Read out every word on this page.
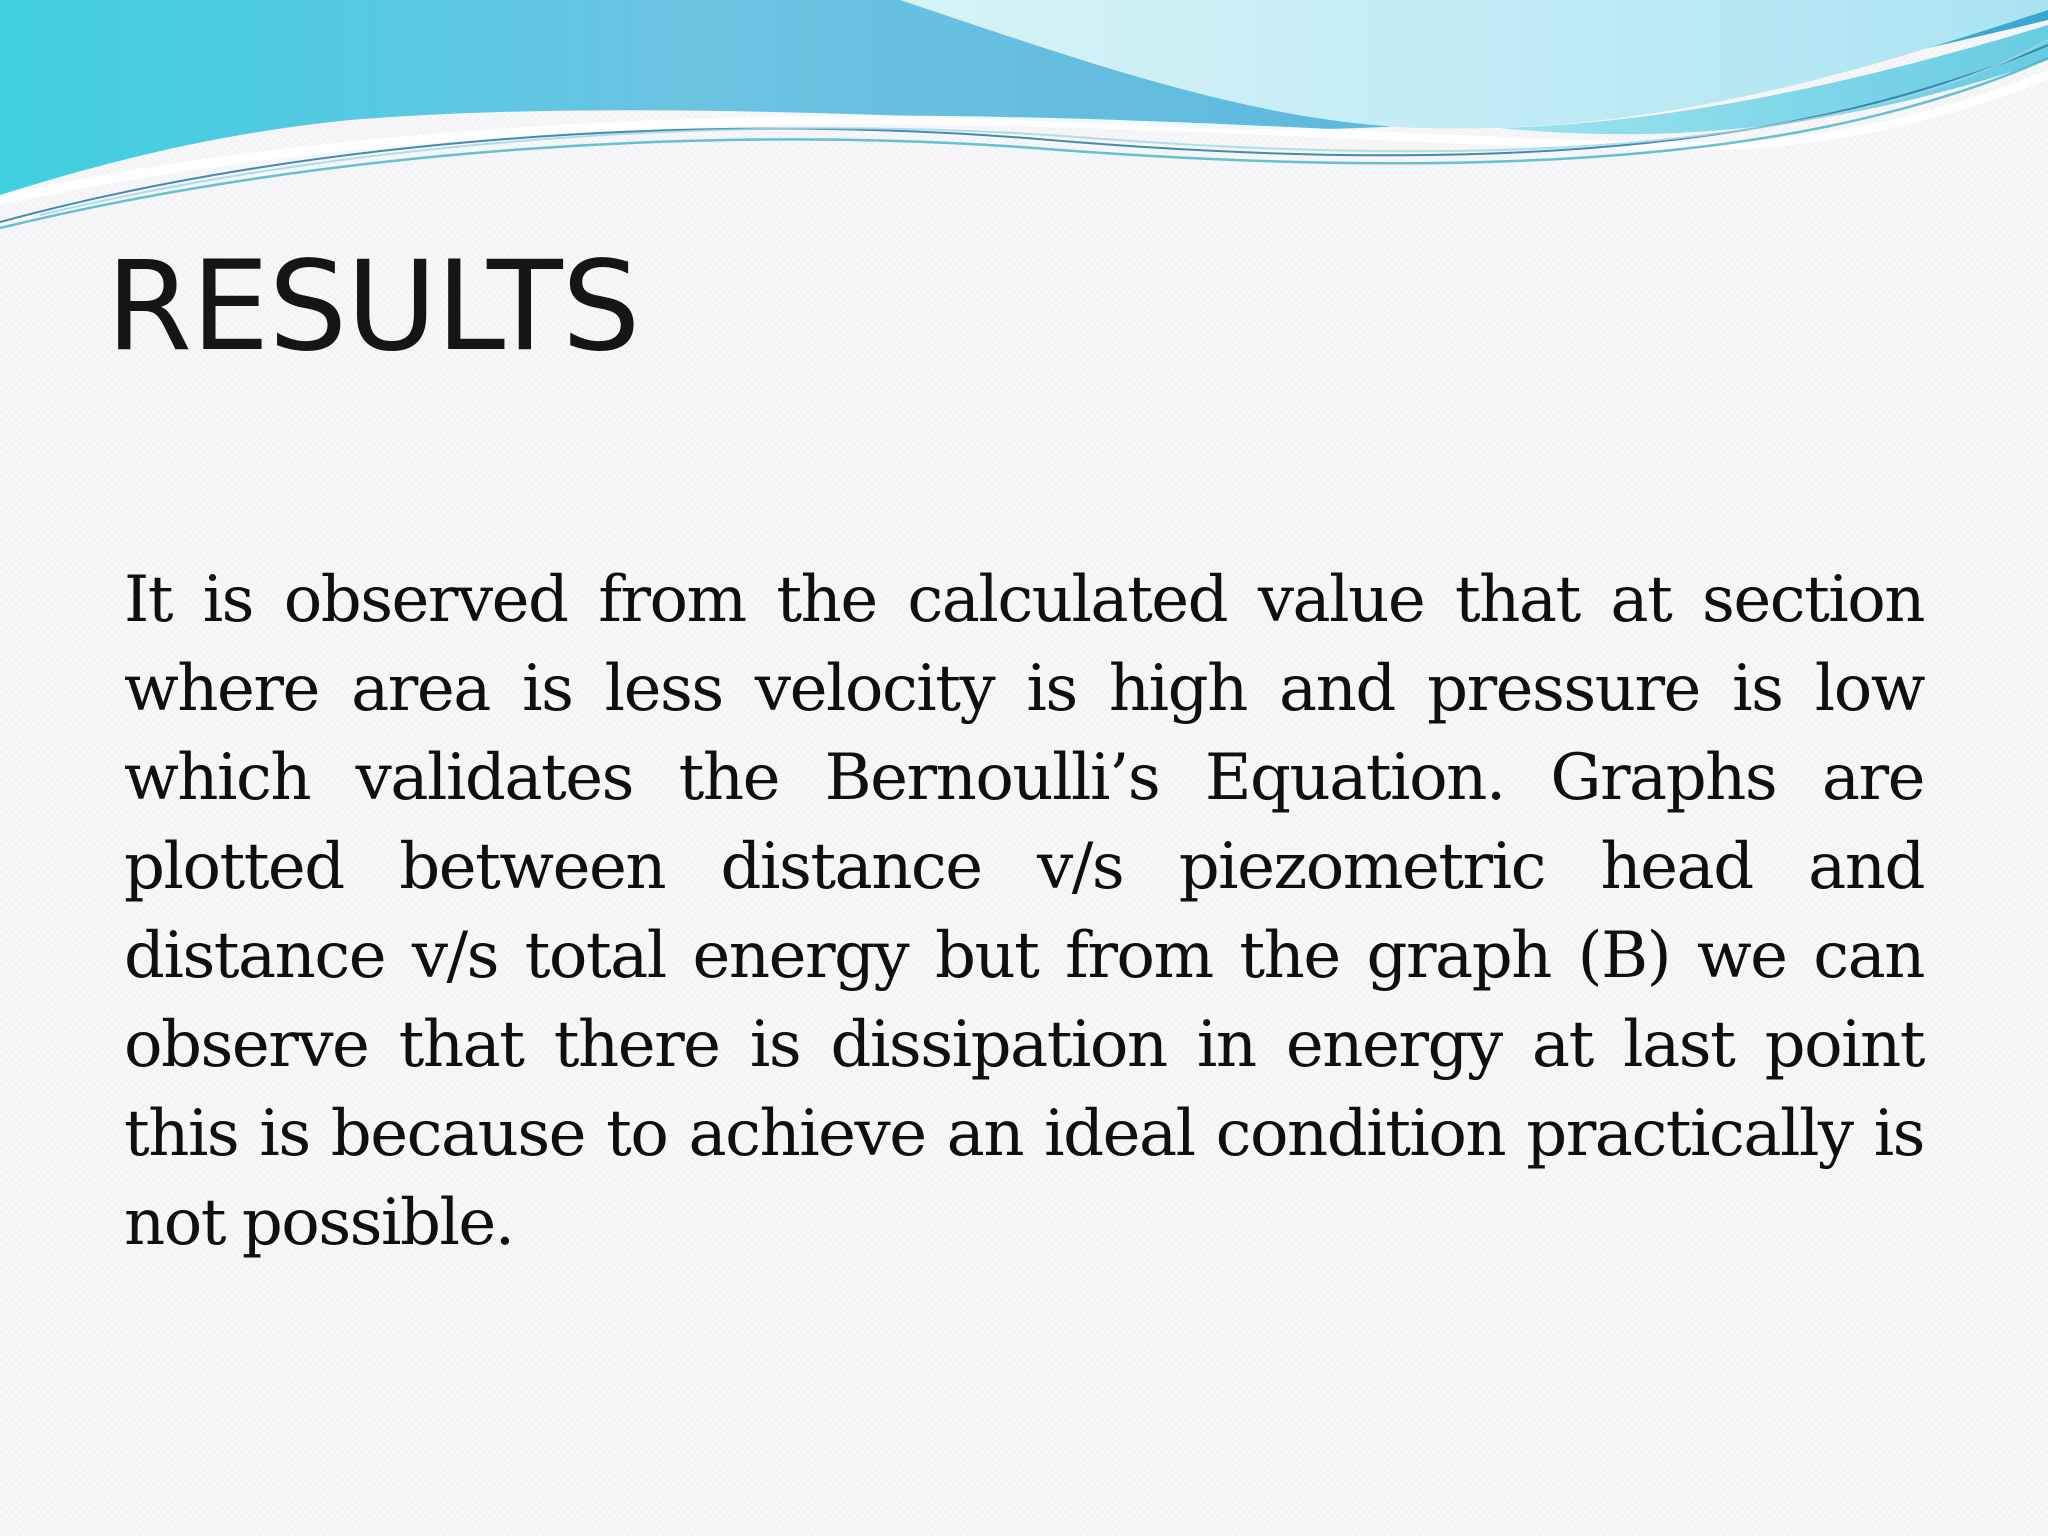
RESULTS

It is observed from the calculated value that at section where area is less velocity is high and pressure is low which validates the Bernoulli’s Equation. Graphs are plotted between distance v/s piezometric head and distance v/s total energy but from the graph (B) we can observe that there is dissipation in energy at last point this is because to achieve an ideal condition practically is not possible.
